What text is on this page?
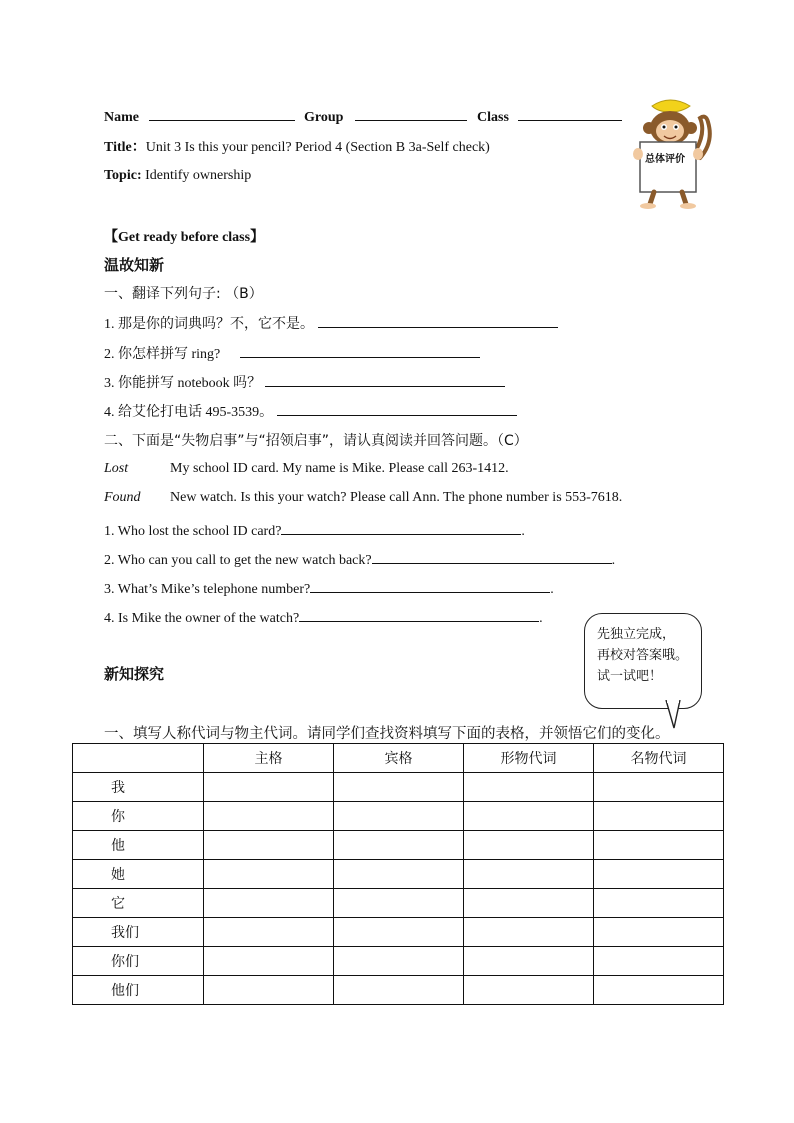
Name	Group	Class
Title：Unit 3 Is this your pencil? Period 4 (Section B 3a-Self check)
Topic: Identify ownership
总体评价
【Get ready before class】
温故知新
一、翻译下列句子: （B）
1. 那是你的词典吗？不，它不是。
2. 你怎样拼写 ring?
3. 你能拼写 notebook 吗？
4. 给艾伦打电话 495-3539。
二、下面是“失物启事”与“招领启事”，请认真阅读并回答问题。（C）
Lost	My school ID card. My name is Mike. Please call 263-1412.
Found New watch. Is this your watch? Please call Ann. The phone number is 553-7618.
1. Who lost the school ID card?	.
2. Who can you call to get the new watch back?	.
3. What’s Mike’s telephone number?	.
4. Is Mike the owner of the watch?	.
先独立完成，
再校对答案哦。
试一试吧！
新知探究
一、填写人称代词与物主代词。请同学们查找资料填写下面的表格，并领悟它们的变化。
	主格	宾格	形物代词	名物代词
我				
你				
他				
她				
它				
我们				
你们				
他们				
